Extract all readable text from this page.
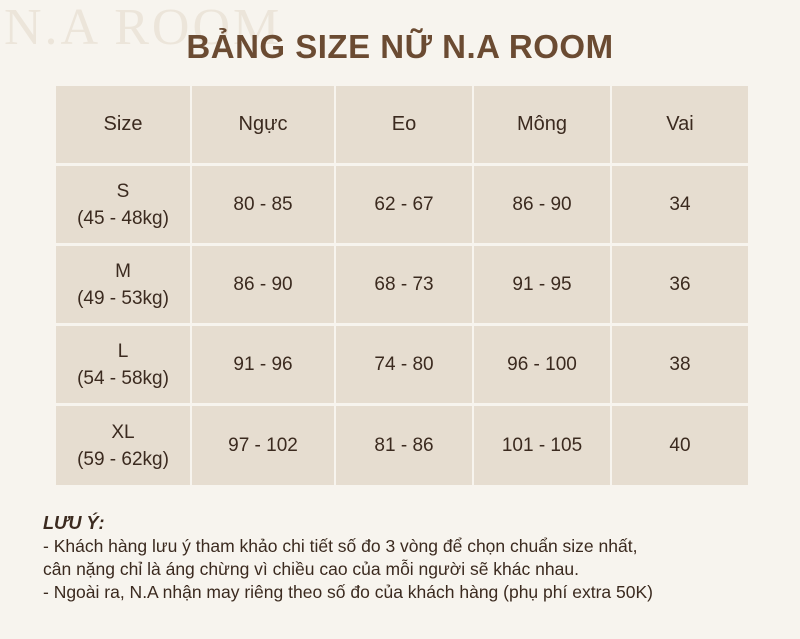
N.A ROOM
BẢNG SIZE NỮ N.A ROOM
Size	Ngực	Eo	Mông	Vai
S
(45 - 48kg)
80 - 85	62 - 67	86 - 90	34
M
(49 - 53kg)
86 - 90	68 - 73	91 - 95	36
L
(54 - 58kg)
91 - 96	74 - 80	96 - 100	38
XL
(59 - 62kg)
97 - 102	81 - 86	101 - 105	40
LƯU Ý:
- Khách hàng lưu ý tham khảo chi tiết số đo 3 vòng để chọn chuẩn size nhất,
cân nặng chỉ là áng chừng vì chiều cao của mỗi người sẽ khác nhau.
- Ngoài ra, N.A nhận may riêng theo số đo của khách hàng (phụ phí extra 50K)
